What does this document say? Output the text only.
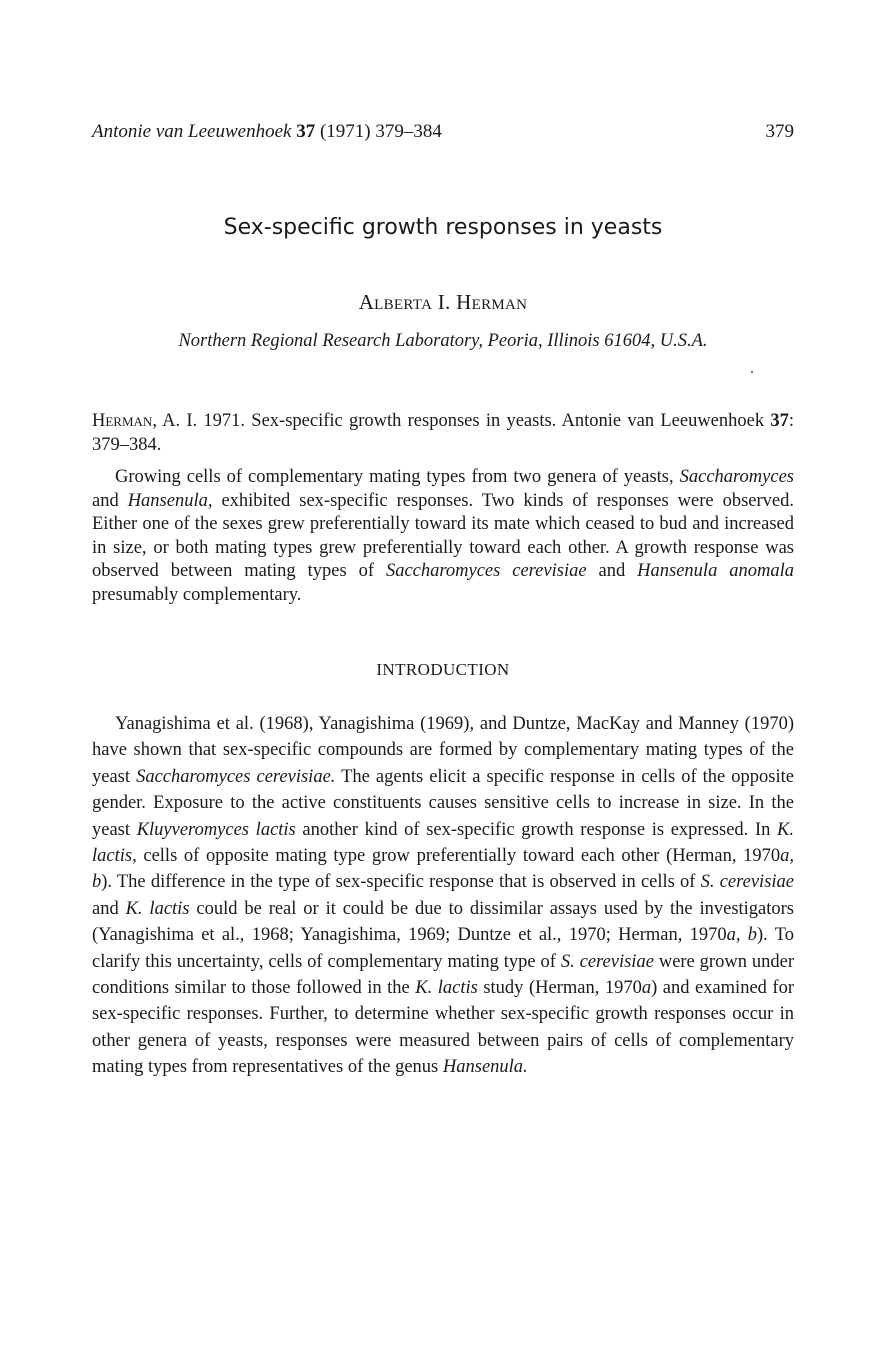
Antonie van Leeuwenhoek 37 (1971) 379–384	379
Sex-specific growth responses in yeasts
Alberta I. Herman
Northern Regional Research Laboratory, Peoria, Illinois 61604, U.S.A.
Herman, A. I. 1971. Sex-specific growth responses in yeasts. Antonie van Leeuwenhoek 37: 379–384.
Growing cells of complementary mating types from two genera of yeasts, Saccharomyces and Hansenula, exhibited sex-specific responses. Two kinds of responses were observed. Either one of the sexes grew preferentially toward its mate which ceased to bud and increased in size, or both mating types grew preferentially toward each other. A growth response was observed between mating types of Saccharomyces cerevisiae and Hansenula anomala presumably complementary.
INTRODUCTION
Yanagishima et al. (1968), Yanagishima (1969), and Duntze, MacKay and Manney (1970) have shown that sex-specific compounds are formed by complementary mating types of the yeast Saccharomyces cerevisiae. The agents elicit a specific response in cells of the opposite gender. Exposure to the active constituents causes sensitive cells to increase in size. In the yeast Kluyveromyces lactis another kind of sex-specific growth response is expressed. In K. lactis, cells of opposite mating type grow preferentially toward each other (Herman, 1970a, b). The difference in the type of sex-specific response that is observed in cells of S. cerevisiae and K. lactis could be real or it could be due to dissimilar assays used by the investigators (Yanagishima et al., 1968; Yanagishima, 1969; Duntze et al., 1970; Herman, 1970a, b). To clarify this uncertainty, cells of complementary mating type of S. cerevisiae were grown under conditions similar to those followed in the K. lactis study (Herman, 1970a) and examined for sex-specific responses. Further, to determine whether sex-specific growth responses occur in other genera of yeasts, responses were measured between pairs of cells of complementary mating types from representatives of the genus Hansenula.
